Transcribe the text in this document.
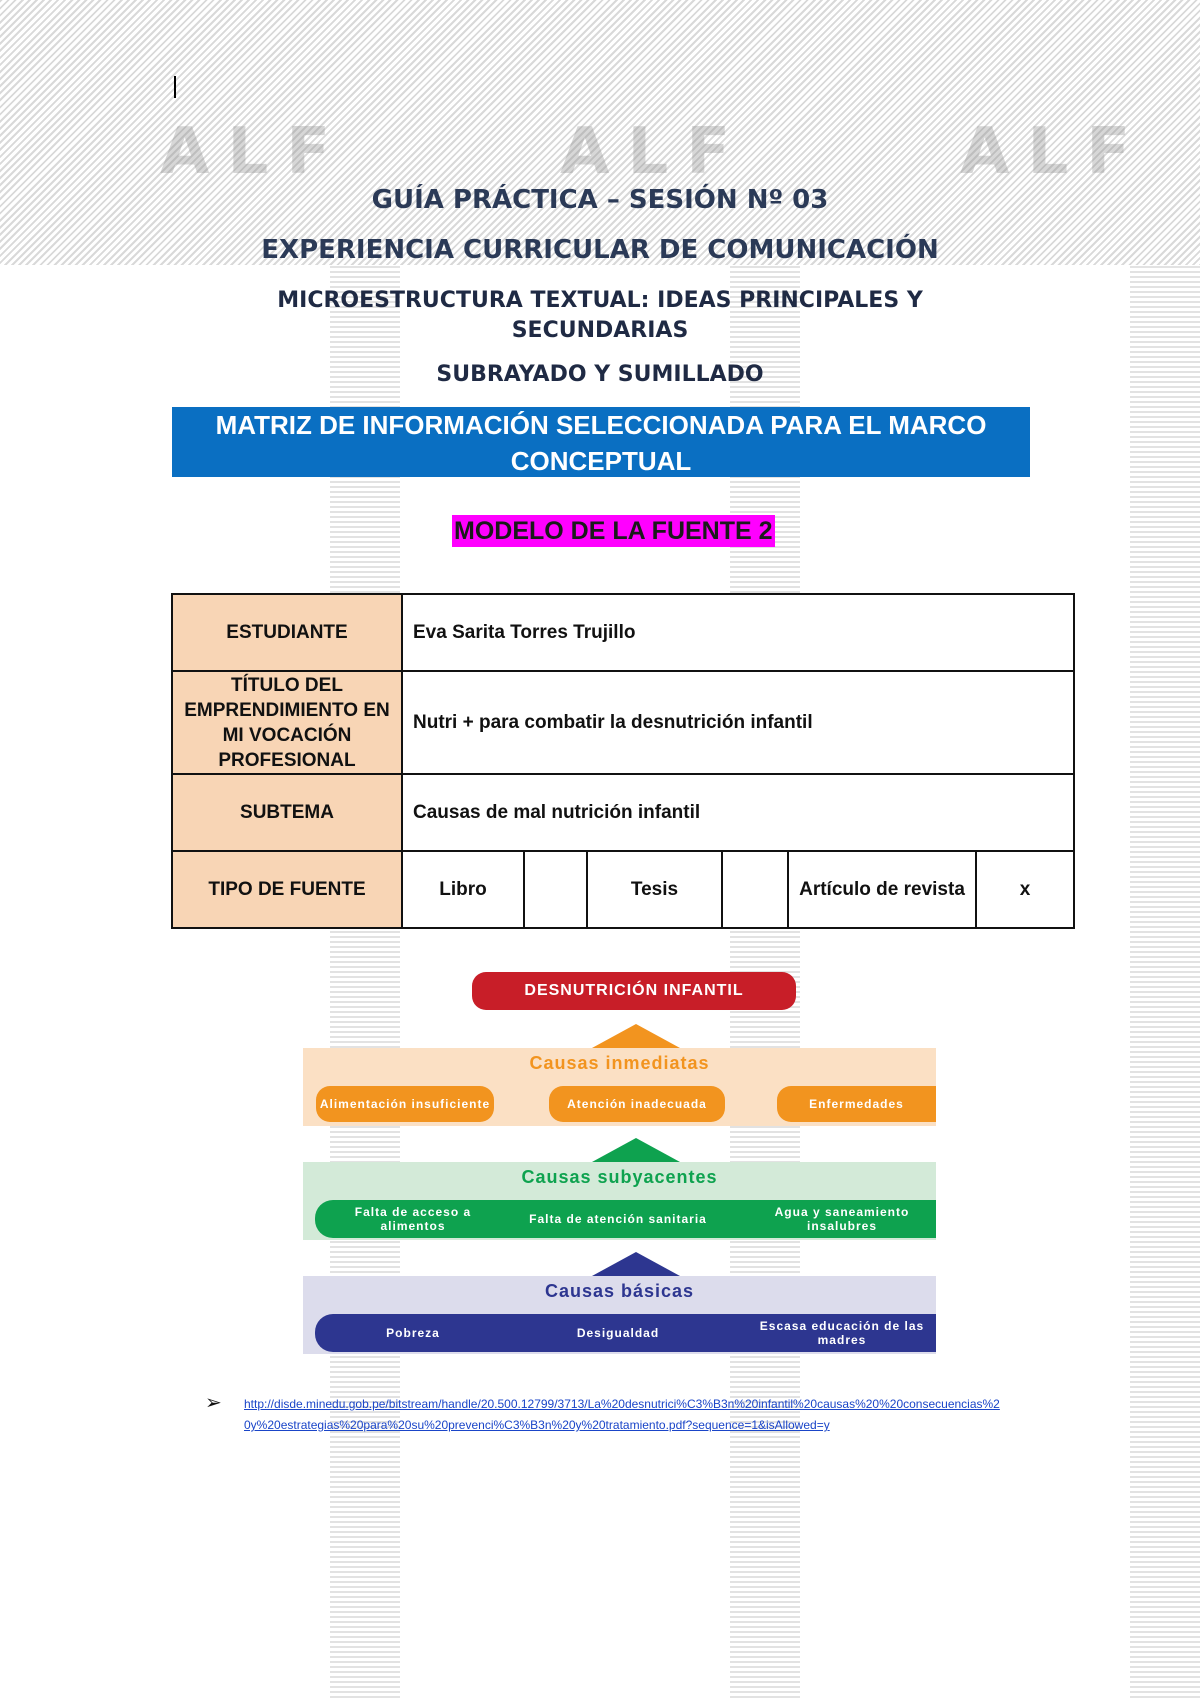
ALF	ALF	ALF
GUÍA PRÁCTICA – SESIÓN Nº 03
EXPERIENCIA CURRICULAR DE COMUNICACIÓN
MICROESTRUCTURA TEXTUAL: IDEAS PRINCIPALES Y
SECUNDARIAS
SUBRAYADO Y SUMILLADO
MATRIZ DE INFORMACIÓN SELECCIONADA PARA EL MARCO
CONCEPTUAL
MODELO DE LA FUENTE 2
ESTUDIANTE	Eva Sarita Torres Trujillo					
TÍTULO DEL EMPRENDIMIENTO EN MI VOCACIÓN PROFESIONAL	Nutri + para combatir la desnutrición infantil					
SUBTEMA	Causas de mal nutrición infantil					
TIPO DE FUENTE	Libro		Tesis		Artículo de revista	x
DESNUTRICIÓN INFANTIL
Causas inmediatas
Alimentación insuficiente	Atención inadecuada	Enfermedades
Causas subyacentes
Falta de acceso a alimentos	Falta de atención sanitaria	Agua y saneamiento insalubres
Causas básicas
Pobreza	Desigualdad	Escasa educación de las madres
➢ http://disde.minedu.gob.pe/bitstream/handle/20.500.12799/3713/La%20desnutrici%C3%B3n%20infantil%20causas%20%20consecuencias%20y%20estrategias%20para%20su%20prevenci%C3%B3n%20y%20tratamiento.pdf?sequence=1&isAllowed=y
